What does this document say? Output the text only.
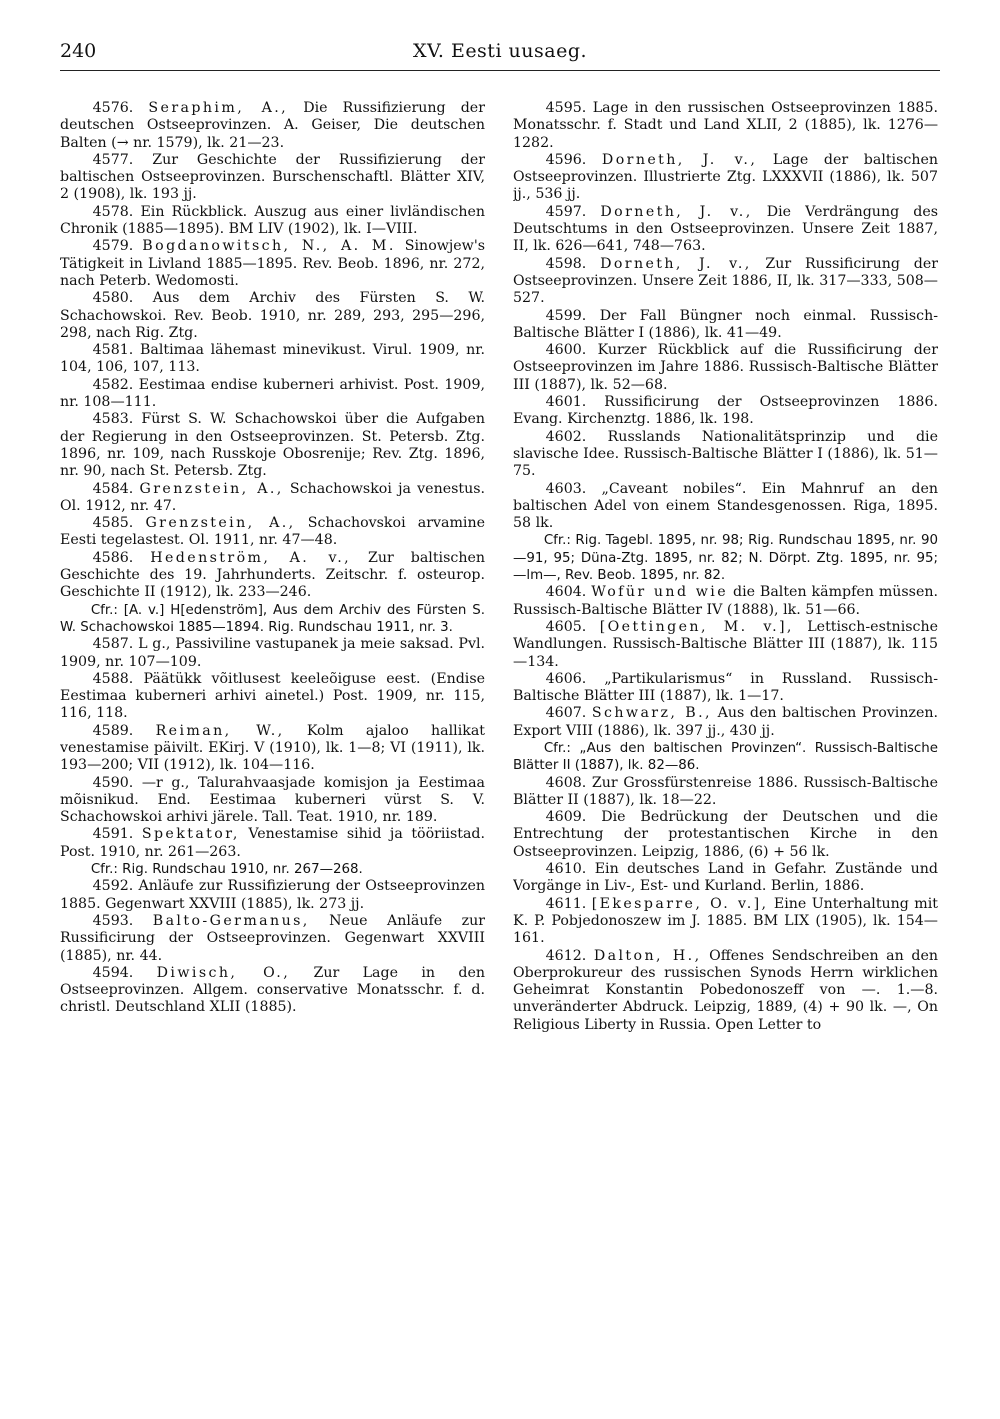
240	XV. Eesti uusaeg.

4576. Seraphim, A., Die Russifizierung der deutschen Ostseeprovinzen. A. Geiser, Die deutschen Balten (→ nr. 1579), lk. 21—23.

4577. Zur Geschichte der Russifizierung der baltischen Ostseeprovinzen. Burschenschaftl. Blätter XIV, 2 (1908), lk. 193 jj.

4578. Ein Rückblick. Auszug aus einer livländischen Chronik (1885—1895). BM LIV (1902), lk. I—VIII.

4579. Bogdanowitsch, N., A. M. Sinowjew's Tätigkeit in Livland 1885—1895. Rev. Beob. 1896, nr. 272, nach Peterb. Wedomosti.

4580. Aus dem Archiv des Fürsten S. W. Schachowskoi. Rev. Beob. 1910, nr. 289, 293, 295—296, 298, nach Rig. Ztg.

4581. Baltimaa lähemast minevikust. Virul. 1909, nr. 104, 106, 107, 113.

4582. Eestimaa endise kuberneri arhivist. Post. 1909, nr. 108—111.

4583. Fürst S. W. Schachowskoi über die Aufgaben der Regierung in den Ostseeprovinzen. St. Petersb. Ztg. 1896, nr. 109, nach Russkoje Obosrenije; Rev. Ztg. 1896, nr. 90, nach St. Petersb. Ztg.

4584. Grenzstein, A., Schachowskoi ja venestus. Ol. 1912, nr. 47.

4585. Grenzstein, A., Schachovskoi arvamine Eesti tegelastest. Ol. 1911, nr. 47—48.

4586. Hedenström, A. v., Zur baltischen Geschichte des 19. Jahrhunderts. Zeitschr. f. osteurop. Geschichte II (1912), lk. 233—246.

Cfr.: [A. v.] H[edenström], Aus dem Archiv des Fürsten S. W. Schachowskoi 1885—1894. Rig. Rundschau 1911, nr. 3.

4587. L g., Passiviline vastupanek ja meie saksad. Pvl. 1909, nr. 107—109.

4588. Päätükk võitlusest keeleõiguse eest. (Endise Eestimaa kuberneri arhivi ainetel.) Post. 1909, nr. 115, 116, 118.

4589. Reiman, W., Kolm ajaloo hallikat venestamise päivilt. EKirj. V (1910), lk. 1—8; VI (1911), lk. 193—200; VII (1912), lk. 104—116.

4590. —r g., Talurahvaasjade komisjon ja Eestimaa mõisnikud. End. Eestimaa kuberneri vürst S. V. Schachowskoi arhivi järele. Tall. Teat. 1910, nr. 189.

4591. Spektator, Venestamise sihid ja tööriistad. Post. 1910, nr. 261—263.

Cfr.: Rig. Rundschau 1910, nr. 267—268.

4592. Anläufe zur Russifizierung der Ostseeprovinzen 1885. Gegenwart XXVIII (1885), lk. 273 jj.

4593. Balto-Germanus, Neue Anläufe zur Russificirung der Ostseeprovinzen. Gegenwart XXVIII (1885), nr. 44.

4594. Diwisch, O., Zur Lage in den Ostseeprovinzen. Allgem. conservative Monatsschr. f. d. christl. Deutschland XLII (1885).

4595. Lage in den russischen Ostseeprovinzen 1885. Monatsschr. f. Stadt und Land XLII, 2 (1885), lk. 1276—1282.

4596. Dorneth, J. v., Lage der baltischen Ostseeprovinzen. Illustrierte Ztg. LXXXVII (1886), lk. 507 jj., 536 jj.

4597. Dorneth, J. v., Die Verdrängung des Deutschtums in den Ostseeprovinzen. Unsere Zeit 1887, II, lk. 626—641, 748—763.

4598. Dorneth, J. v., Zur Russificirung der Ostseeprovinzen. Unsere Zeit 1886, II, lk. 317—333, 508—527.

4599. Der Fall Büngner noch einmal. Russisch-Baltische Blätter I (1886), lk. 41—49.

4600. Kurzer Rückblick auf die Russificirung der Ostseeprovinzen im Jahre 1886. Russisch-Baltische Blätter III (1887), lk. 52—68.

4601. Russificirung der Ostseeprovinzen 1886. Evang. Kirchenztg. 1886, lk. 198.

4602. Russlands Nationalitätsprinzip und die slavische Idee. Russisch-Baltische Blätter I (1886), lk. 51—75.

4603. „Caveant nobiles“. Ein Mahnruf an den baltischen Adel von einem Standesgenossen. Riga, 1895. 58 lk.

Cfr.: Rig. Tagebl. 1895, nr. 98; Rig. Rundschau 1895, nr. 90—91, 95; Düna-Ztg. 1895, nr. 82; N. Dörpt. Ztg. 1895, nr. 95; —lm—, Rev. Beob. 1895, nr. 82.

4604. Wofür und wie die Balten kämpfen müssen. Russisch-Baltische Blätter IV (1888), lk. 51—66.

4605. [Oettingen, M. v.], Lettisch-estnische Wandlungen. Russisch-Baltische Blätter III (1887), lk. 115—134.

4606. „Partikularismus“ in Russland. Russisch-Baltische Blätter III (1887), lk. 1—17.

4607. Schwarz, B., Aus den baltischen Provinzen. Export VIII (1886), lk. 397 jj., 430 jj.

Cfr.: „Aus den baltischen Provinzen“. Russisch-Baltische Blätter II (1887), lk. 82—86.

4608. Zur Grossfürstenreise 1886. Russisch-Baltische Blätter II (1887), lk. 18—22.

4609. Die Bedrückung der Deutschen und die Entrechtung der protestantischen Kirche in den Ostseeprovinzen. Leipzig, 1886, (6) + 56 lk.

4610. Ein deutsches Land in Gefahr. Zustände und Vorgänge in Liv-, Est- und Kurland. Berlin, 1886.

4611. [Ekesparre, O. v.], Eine Unterhaltung mit K. P. Pobjedonoszew im J. 1885. BM LIX (1905), lk. 154—161.

4612. Dalton, H., Offenes Sendschreiben an den Oberprokureur des russischen Synods Herrn wirklichen Geheimrat Konstantin Pobedonoszeff von —. 1.—8. unveränderter Abdruck. Leipzig, 1889, (4) + 90 lk. —, On Religious Liberty in Russia. Open Letter to
